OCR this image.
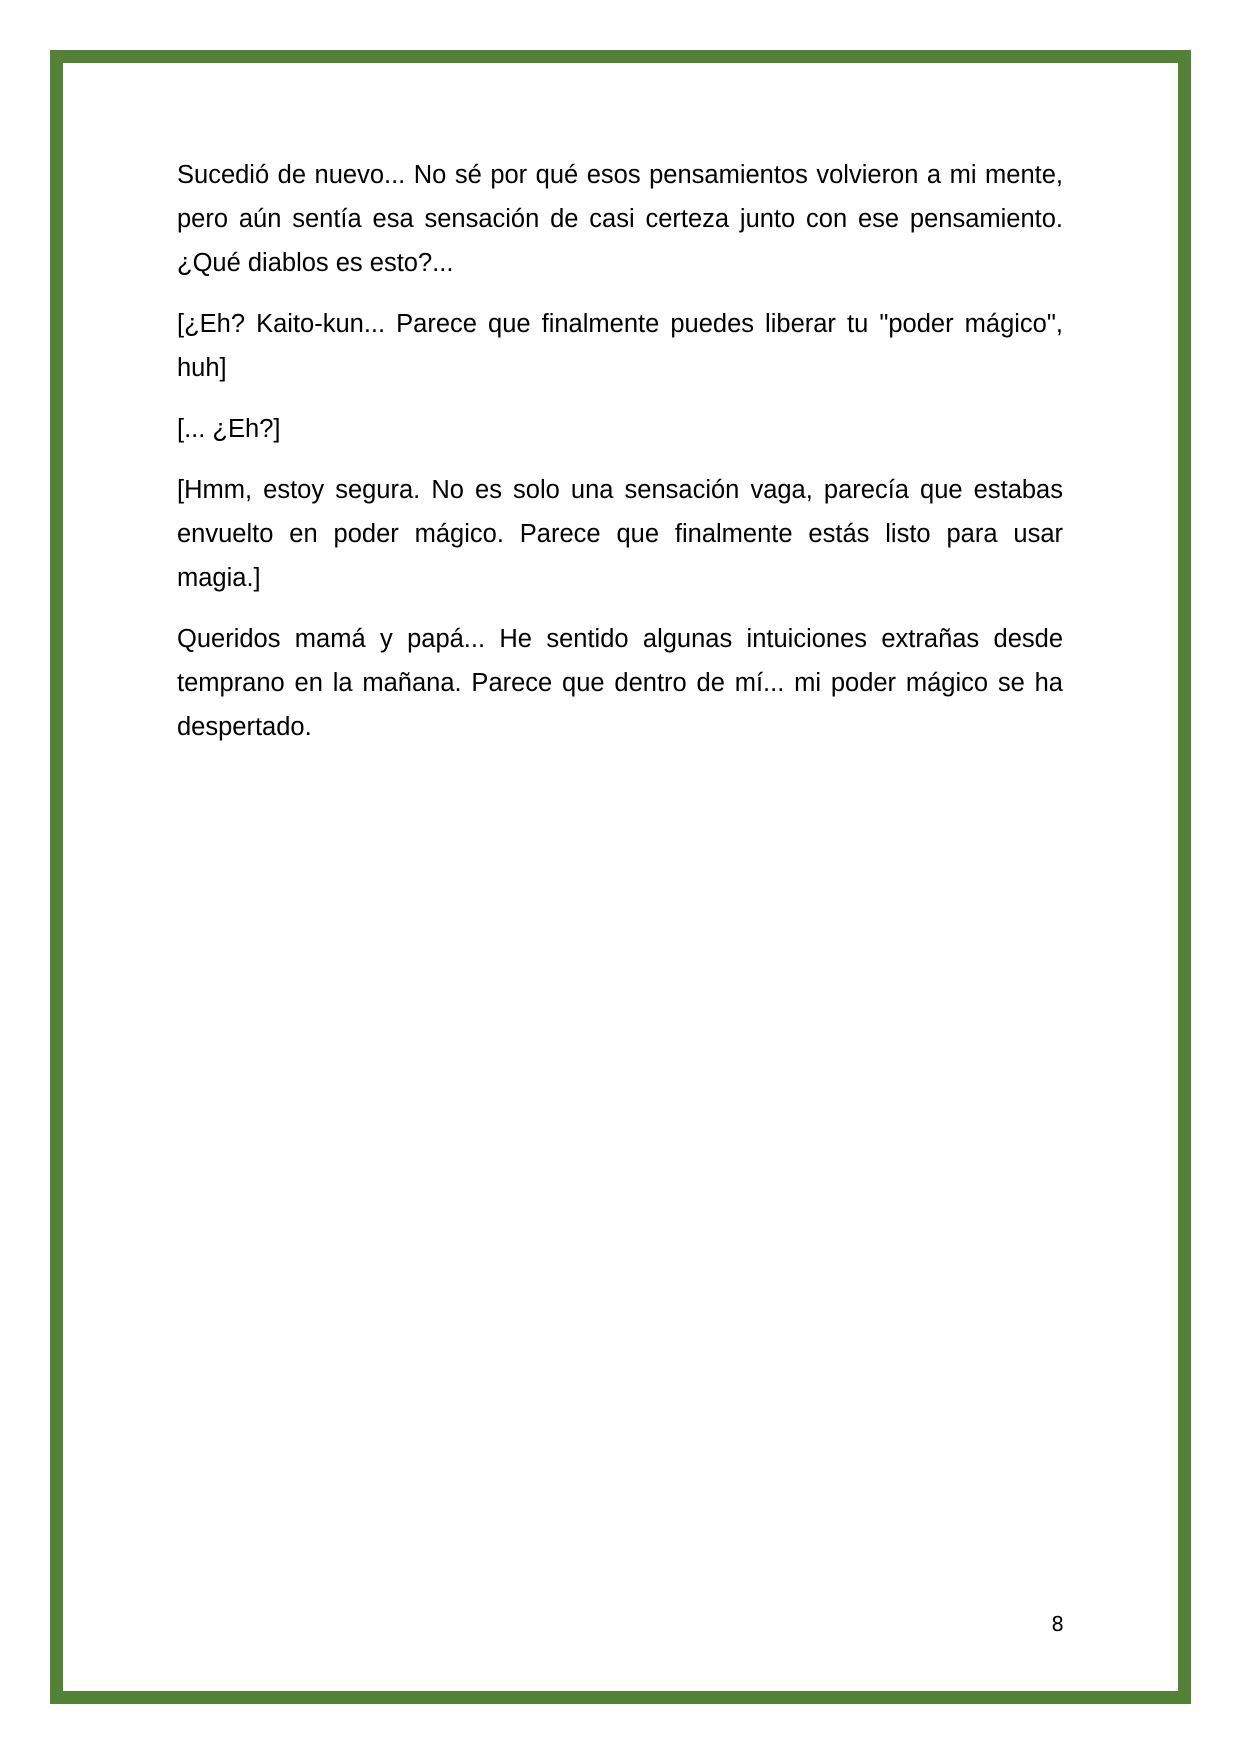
Sucedió de nuevo... No sé por qué esos pensamientos volvieron a mi mente, pero aún sentía esa sensación de casi certeza junto con ese pensamiento. ¿Qué diablos es esto?...

[¿Eh? Kaito-kun... Parece que finalmente puedes liberar tu "poder mágico", huh]

[... ¿Eh?]

[Hmm, estoy segura. No es solo una sensación vaga, parecía que estabas envuelto en poder mágico. Parece que finalmente estás listo para usar magia.]

Queridos mamá y papá... He sentido algunas intuiciones extrañas desde temprano en la mañana. Parece que dentro de mí... mi poder mágico se ha despertado.

8
